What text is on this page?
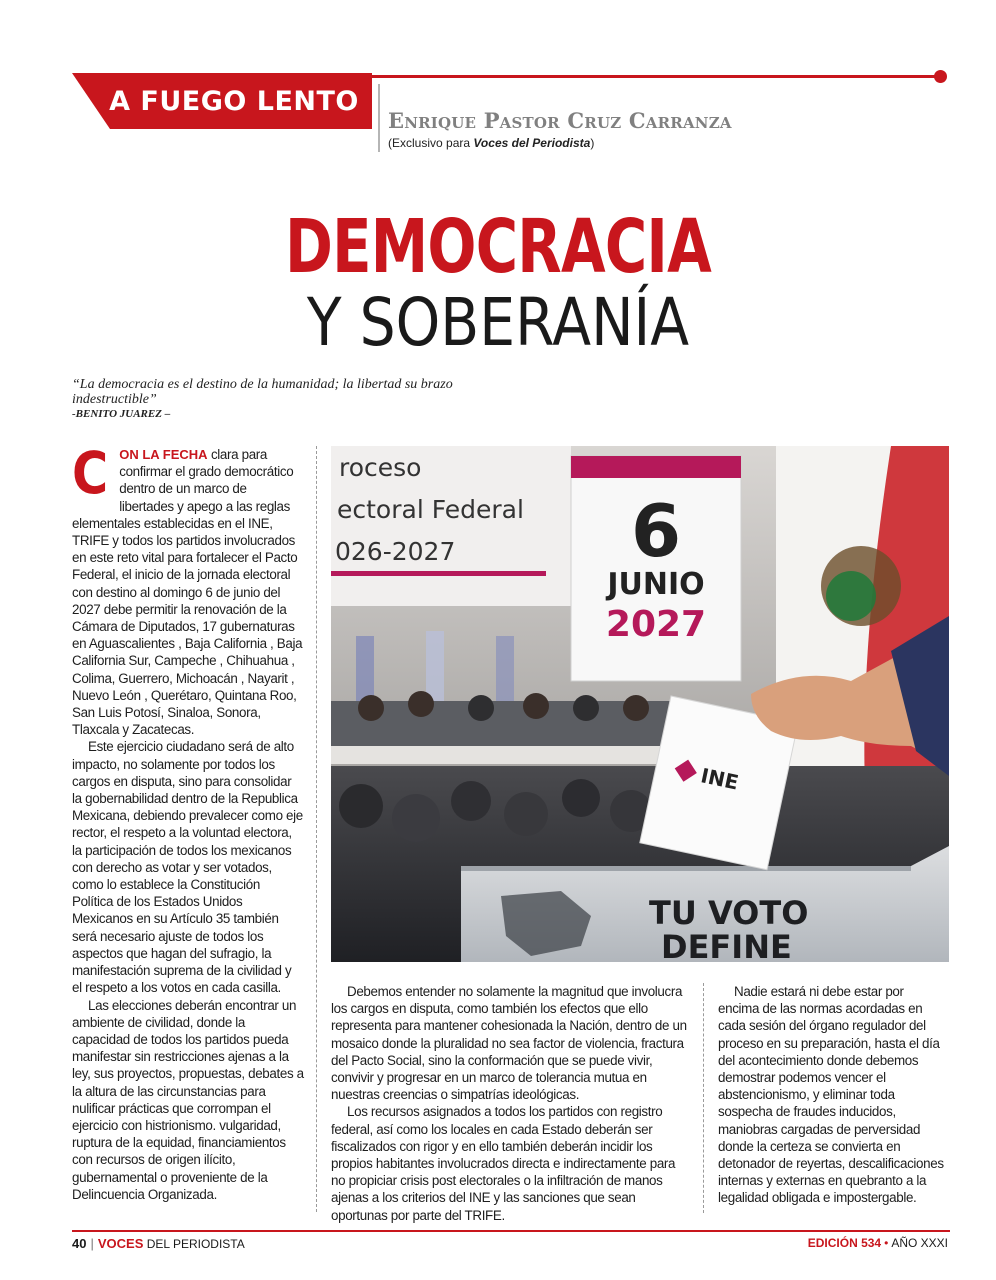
A FUEGO LENTO
Enrique Pastor Cruz Carranza
(Exclusivo para Voces del Periodista)
DEMOCRACIA
Y SOBERANÍA
“La democracia es el destino de la humanidad; la libertad su brazo indestructible”
-BENITO JUAREZ –

CON LA FECHA clara para confirmar el grado democrático dentro de un marco de libertades y apego a las reglas elementales establecidas en el INE, TRIFE y todos los partidos involucrados en este reto vital para fortalecer el Pacto Federal, el inicio de la jornada electoral con destino al domingo 6 de junio del 2027 debe permitir la renovación de la Cámara de Diputados, 17 gubernaturas en Aguascalientes , Baja California , Baja California Sur, Campeche , Chihuahua , Colima, Guerrero, Michoacán , Nayarit , Nuevo León , Querétaro, Quintana Roo, San Luis Potosí, Sinaloa, Sonora, Tlaxcala y Zacatecas.

Este ejercicio ciudadano será de alto impacto, no solamente por todos los cargos en disputa, sino para consolidar la gobernabilidad dentro de la Republica Mexicana, debiendo prevalecer como eje rector, el respeto a la voluntad electora, la participación de todos los mexicanos con derecho as votar y ser votados, como lo establece la Constitución Política de los Estados Unidos Mexicanos en su Artículo 35 también será necesario ajuste de todos los aspectos que hagan del sufragio, la manifestación suprema de la civilidad y el respeto a los votos en cada casilla.

Las elecciones deberán encontrar un ambiente de civilidad, donde la capacidad de todos los partidos pueda manifestar sin restricciones ajenas a la ley, sus proyectos, propuestas, debates a la altura de las circunstancias para nulificar prácticas que corrompan el ejercicio con histrionismo. vulgaridad, ruptura de la equidad, financiamientos con recursos de origen ilícito, gubernamental o proveniente de la Delincuencia Organizada.

roceso
ectoral Federal
026-2027 6
JUNIO
2027
TU VOTO
DEFINE
INE

Debemos entender no solamente la magnitud que involucra los cargos en disputa, como también los efectos que ello representa para mantener cohesionada la Nación, dentro de un mosaico donde la pluralidad no sea factor de violencia, fractura del Pacto Social, sino la conformación que se puede vivir, convivir y progresar en un marco de tolerancia mutua en nuestras creencias o simpatrías ideológicas.

Los recursos asignados a todos los partidos con registro federal, así como los locales en cada Estado deberán ser fiscalizados con rigor y en ello también deberán incidir los propios habitantes involucrados directa e indirectamente para no propiciar crisis post electorales o la infiltración de manos ajenas a los criterios del INE y las sanciones que sean oportunas por parte del TRIFE.

Nadie estará ni debe estar por encima de las normas acordadas en cada sesión del órgano regulador del proceso en su preparación, hasta el día del acontecimiento donde debemos demostrar podemos vencer el abstencionismo, y eliminar toda sospecha de fraudes inducidos, maniobras cargadas de perversidad donde la certeza se convierta en detonador de reyertas, descalificaciones internas y externas en quebranto a la legalidad obligada e impostergable.

40 | VOCES DEL PERIODISTA	EDICIÓN 534 • AÑO XXXI
